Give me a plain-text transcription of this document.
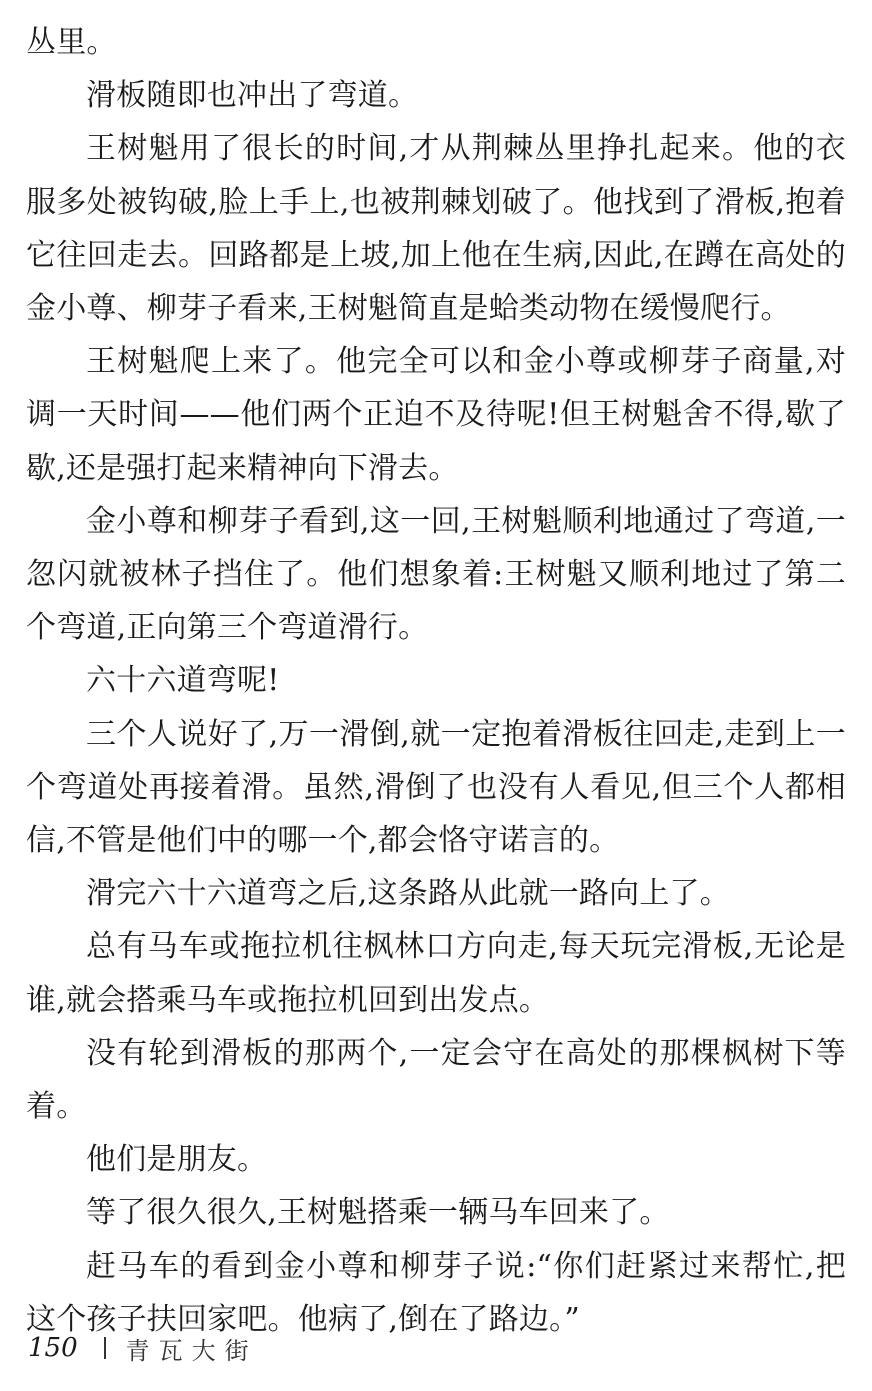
丛里。

滑板随即也冲出了弯道。

王树魁用了很长的时间,才从荆棘丛里挣扎起来。他的衣服多处被钩破,脸上手上,也被荆棘划破了。他找到了滑板,抱着它往回走去。回路都是上坡,加上他在生病,因此,在蹲在高处的金小尊、柳芽子看来,王树魁简直是蛤类动物在缓慢爬行。

王树魁爬上来了。他完全可以和金小尊或柳芽子商量,对调一天时间——他们两个正迫不及待呢!但王树魁舍不得,歇了歇,还是强打起来精神向下滑去。

金小尊和柳芽子看到,这一回,王树魁顺利地通过了弯道,一忽闪就被林子挡住了。他们想象着:王树魁又顺利地过了第二个弯道,正向第三个弯道滑行。

六十六道弯呢!

三个人说好了,万一滑倒,就一定抱着滑板往回走,走到上一个弯道处再接着滑。虽然,滑倒了也没有人看见,但三个人都相信,不管是他们中的哪一个,都会恪守诺言的。

滑完六十六道弯之后,这条路从此就一路向上了。

总有马车或拖拉机往枫林口方向走,每天玩完滑板,无论是谁,就会搭乘马车或拖拉机回到出发点。

没有轮到滑板的那两个,一定会守在高处的那棵枫树下等着。

他们是朋友。

等了很久很久,王树魁搭乘一辆马车回来了。

赶马车的看到金小尊和柳芽子说:“你们赶紧过来帮忙,把这个孩子扶回家吧。他病了,倒在了路边。”

150 青瓦大街
